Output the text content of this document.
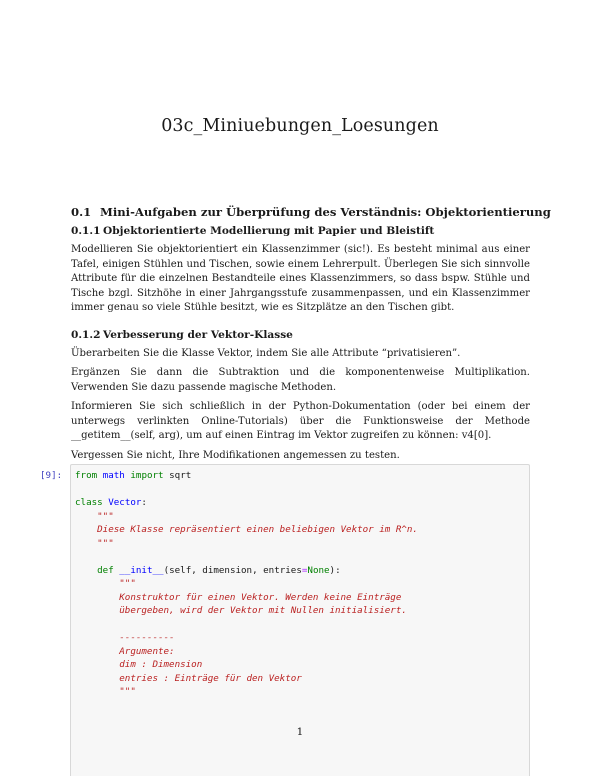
03c_Miniuebungen_Loesungen
0.1 Mini-Aufgaben zur Überprüfung des Verständnis: Objektorientierung
0.1.1 Objektorientierte Modellierung mit Papier und Bleistift

Modellieren Sie objektorientiert ein Klassenzimmer (sic!). Es besteht minimal aus einer Tafel, einigen Stühlen und Tischen, sowie einem Lehrerpult. Überlegen Sie sich sinnvolle Attribute für die einzelnen Bestandteile eines Klassenzimmers, so dass bspw. Stühle und Tische bzgl. Sitzhöhe in einer Jahrgangsstufe zusammenpassen, und ein Klassenzimmer immer genau so viele Stühle besitzt, wie es Sitzplätze an den Tischen gibt.

0.1.2 Verbesserung der Vektor-Klasse

Überarbeiten Sie die Klasse Vektor, indem Sie alle Attribute “privatisieren”.

Ergänzen Sie dann die Subtraktion und die komponentenweise Multiplikation. Verwenden Sie dazu passende magische Methoden.

Informieren Sie sich schließlich in der Python-Dokumentation (oder bei einem der unterwegs verlinkten Online-Tutorials) über die Funktionsweise der Methode __getitem__(self, arg), um auf einen Eintrag im Vektor zugreifen zu können: v4[0].

Vergessen Sie nicht, Ihre Modifikationen angemessen zu testen.

[9]: from math import sqrt

class Vector:
"""
Diese Klasse repräsentiert einen beliebigen Vektor im R^n.
"""

def __init__(self, dimension, entries=None):
"""
Konstruktor für einen Vektor. Werden keine Einträge
übergeben, wird der Vektor mit Nullen initialisiert.

----------
Argumente:
dim : Dimension
entries : Einträge für den Vektor
"""
1
